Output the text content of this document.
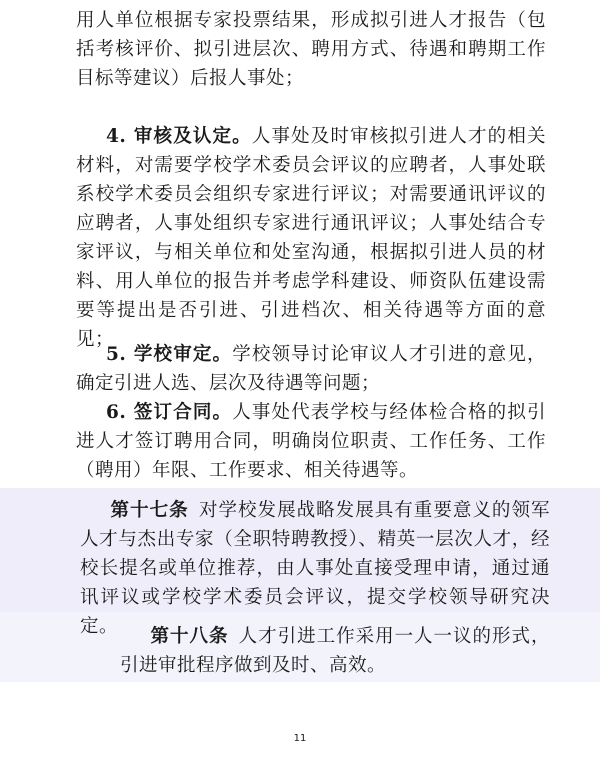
用人单位根据专家投票结果，形成拟引进人才报告（包括考核评价、拟引进层次、聘用方式、待遇和聘期工作目标等建议）后报人事处；

4. 审核及认定。人事处及时审核拟引进人才的相关材料，对需要学校学术委员会评议的应聘者，人事处联系校学术委员会组织专家进行评议；对需要通讯评议的应聘者，人事处组织专家进行通讯评议；人事处结合专家评议，与相关单位和处室沟通，根据拟引进人员的材料、用人单位的报告并考虑学科建设、师资队伍建设需要等提出是否引进、引进档次、相关待遇等方面的意见；

5. 学校审定。学校领导讨论审议人才引进的意见，确定引进人选、层次及待遇等问题；

6. 签订合同。人事处代表学校与经体检合格的拟引进人才签订聘用合同，明确岗位职责、工作任务、工作（聘用）年限、工作要求、相关待遇等。

第十七条  对学校发展战略发展具有重要意义的领军人才与杰出专家（全职特聘教授）、精英一层次人才，经校长提名或单位推荐，由人事处直接受理申请，通过通讯评议或学校学术委员会评议，提交学校领导研究决定。	第十八条  人才引进工作采用一人一议的形式，引进审批程序做到及时、高效。

11
